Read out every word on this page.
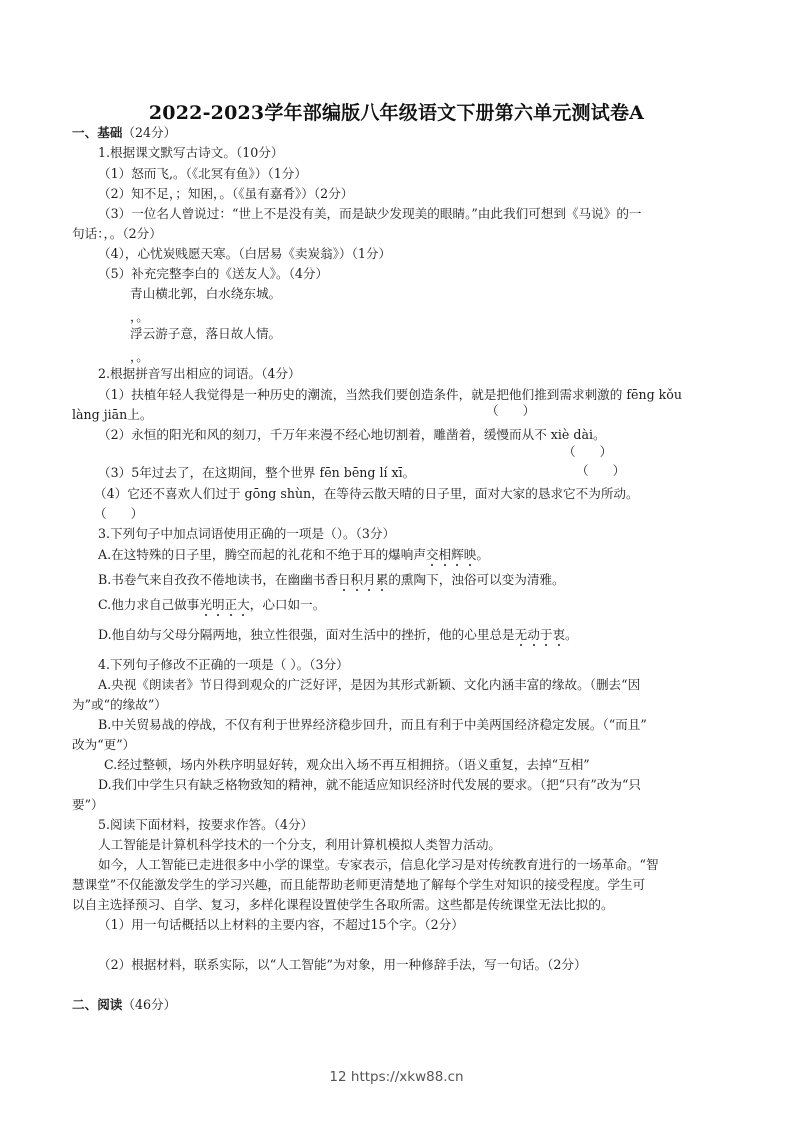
2022-2023学年部编版八年级语文下册第六单元测试卷A
一、基础（24分）
1.根据课文默写古诗文。（10分）
（1）怒而飞,。（《北冥有鱼》）（1分）
（2）知不足，；知困，。（《虽有嘉肴》）（2分）
（3）一位名人曾说过：“世上不是没有美，而是缺少发现美的眼睛。”由此我们可想到《马说》的一
句话：，。（2分）
（4），心忧炭贱愿天寒。（白居易《卖炭翁》）（1分）
（5）补充完整李白的《送友人》。（4分）
青山横北郭，白水绕东城。
，。
浮云游子意，落日故人情。
，。
2.根据拼音写出相应的词语。（4分）
（1）扶植年轻人我觉得是一种历史的潮流，当然我们要创造条件，就是把他们推到需求刺激的 fēng kǒu
làng jiān上。	（      ）
（2）永恒的阳光和风的刻刀，千万年来漫不经心地切割着，雕凿着，缓慢而从不 xiè dài。
（      ）
（3）5年过去了，在这期间，整个世界 fēn bēng lí xī。	（      ）
（4）它还不喜欢人们过于 gōng shùn，在等待云散天晴的日子里，面对大家的恳求它不为所动。
（      ）
3.下列句子中加点词语使用正确的一项是（）。（3分）
A.在这特殊的日子里，腾空而起的礼花和不绝于耳的爆响声交相辉映。
B.书卷气来自孜孜不倦地读书，在幽幽书香日积月累的熏陶下，浊俗可以变为清雅。
C.他力求自己做事光明正大，心口如一。
D.他自幼与父母分隔两地，独立性很强，面对生活中的挫折，他的心里总是无动于衷。
4.下列句子修改不正确的一项是（ ）。（3分）
A.央视《朗读者》节日得到观众的广泛好评，是因为其形式新颖、文化内涵丰富的缘故。（删去“因
为”或“的缘故”）
B.中关贸易战的停战，不仅有利于世界经济稳步回升，而且有利于中美两国经济稳定发展。（“而且”
改为“更”）
C.经过整顿，场内外秩序明显好转，观众出入场不再互相拥挤。（语义重复，去掉“互相”
D.我们中学生只有缺乏格物致知的精神，就不能适应知识经济时代发展的要求。（把“只有”改为“只
要”）
5.阅读下面材料，按要求作答。（4分）
人工智能是计算机科学技术的一个分支，利用计算机模拟人类智力活动。
如今，人工智能已走进很多中小学的课堂。专家表示，信息化学习是对传统教育进行的一场革命。“智
慧课堂”不仅能激发学生的学习兴趣，而且能帮助老师更清楚地了解每个学生对知识的接受程度。学生可
以自主选择预习、自学、复习，多样化课程设置使学生各取所需。这些都是传统课堂无法比拟的。
（1）用一句话概括以上材料的主要内容，不超过15个字。（2分）
（2）根据材料，联系实际，以“人工智能”为对象，用一种修辞手法，写一句话。（2分）
二、阅读（46分）
12 https://xkw88.cn
